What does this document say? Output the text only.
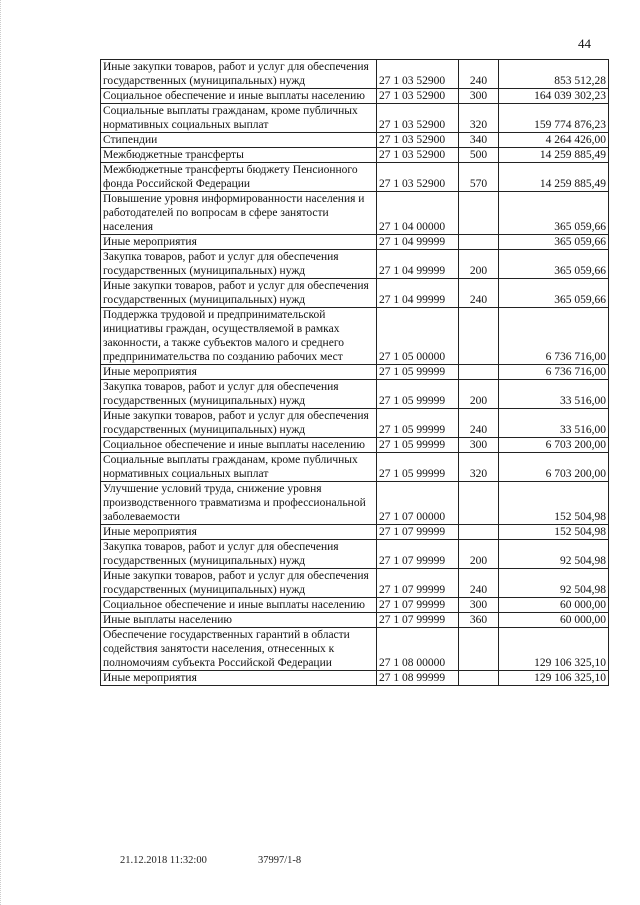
44
Иные закупки товаров, работ и услуг для обеспечения государственных (муниципальных) нужд	27 1 03 52900	240	853 512,28
Социальное обеспечение и иные выплаты населению	27 1 03 52900	300	164 039 302,23
Социальные выплаты гражданам, кроме публичных нормативных социальных выплат	27 1 03 52900	320	159 774 876,23
Стипендии	27 1 03 52900	340	4 264 426,00
Межбюджетные трансферты	27 1 03 52900	500	14 259 885,49
Межбюджетные трансферты бюджету Пенсионного фонда Российской Федерации	27 1 03 52900	570	14 259 885,49
Повышение уровня информированности населения и работодателей по вопросам в сфере занятости населения	27 1 04 00000		365 059,66
Иные мероприятия	27 1 04 99999		365 059,66
Закупка товаров, работ и услуг для обеспечения государственных (муниципальных) нужд	27 1 04 99999	200	365 059,66
Иные закупки товаров, работ и услуг для обеспечения государственных (муниципальных) нужд	27 1 04 99999	240	365 059,66
Поддержка трудовой и предпринимательской инициативы граждан, осуществляемой в рамках законности, а также субъектов малого и среднего предпринимательства по созданию рабочих мест	27 1 05 00000		6 736 716,00
Иные мероприятия	27 1 05 99999		6 736 716,00
Закупка товаров, работ и услуг для обеспечения государственных (муниципальных) нужд	27 1 05 99999	200	33 516,00
Иные закупки товаров, работ и услуг для обеспечения государственных (муниципальных) нужд	27 1 05 99999	240	33 516,00
Социальное обеспечение и иные выплаты населению	27 1 05 99999	300	6 703 200,00
Социальные выплаты гражданам, кроме публичных нормативных социальных выплат	27 1 05 99999	320	6 703 200,00
Улучшение условий труда, снижение уровня производственного травматизма и профессиональной заболеваемости	27 1 07 00000		152 504,98
Иные мероприятия	27 1 07 99999		152 504,98
Закупка товаров, работ и услуг для обеспечения государственных (муниципальных) нужд	27 1 07 99999	200	92 504,98
Иные закупки товаров, работ и услуг для обеспечения государственных (муниципальных) нужд	27 1 07 99999	240	92 504,98
Социальное обеспечение и иные выплаты населению	27 1 07 99999	300	60 000,00
Иные выплаты населению	27 1 07 99999	360	60 000,00
Обеспечение государственных гарантий в области содействия занятости населения, отнесенных к полномочиям субъекта Российской Федерации	27 1 08 00000		129 106 325,10
Иные мероприятия	27 1 08 99999		129 106 325,10
21.12.2018 11:32:00	37997/1-8
